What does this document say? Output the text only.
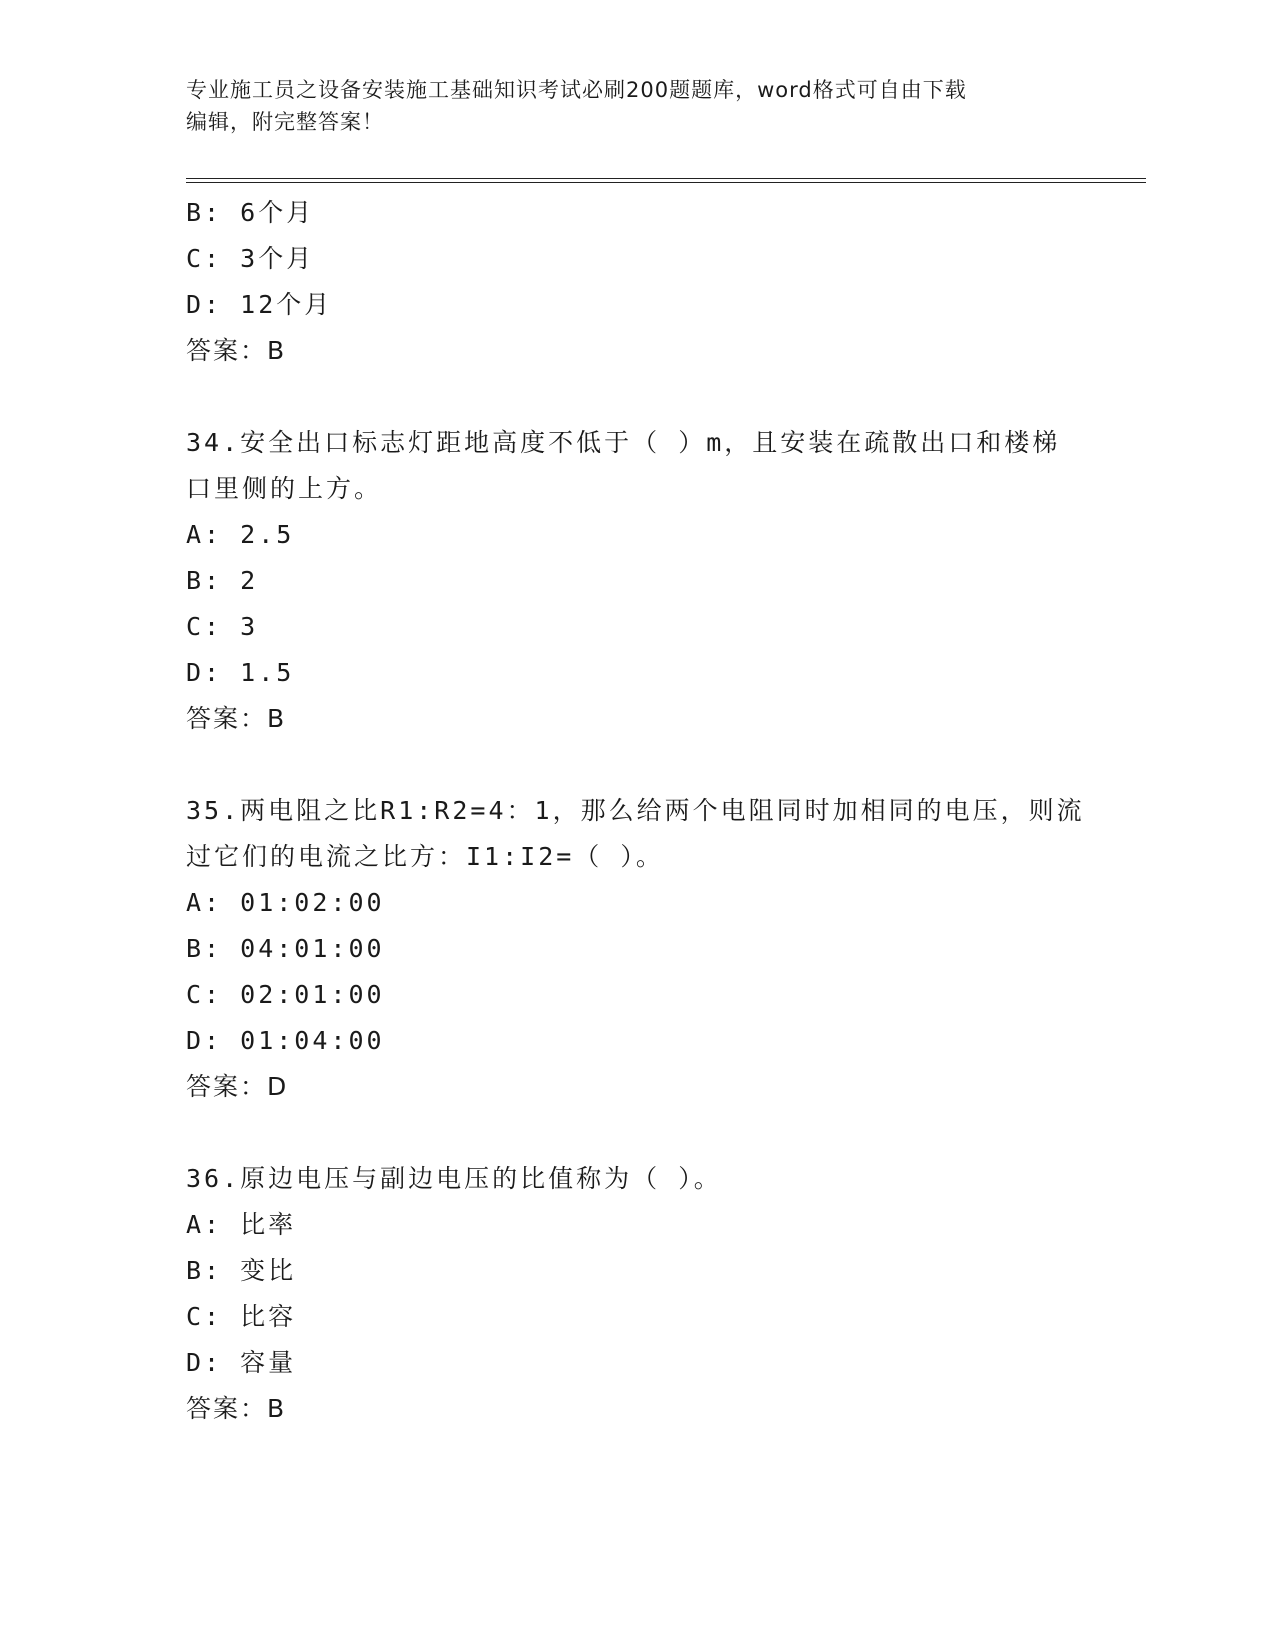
专业施工员之设备安装施工基础知识考试必刷200题题库，word格式可自由下载
编辑，附完整答案！
B: 6个月
C: 3个月
D: 12个月
答案：B
34.安全出口标志灯距地高度不低于（ ）m，且安装在疏散出口和楼梯
口里侧的上方。
A: 2.5
B: 2
C: 3
D: 1.5
答案：B
35.两电阻之比R1:R2=4：1，那么给两个电阻同时加相同的电压，则流
过它们的电流之比方：I1:I2=（ ）。
A: 01:02:00
B: 04:01:00
C: 02:01:00
D: 01:04:00
答案：D
36.原边电压与副边电压的比值称为（ ）。
A: 比率
B: 变比
C: 比容
D: 容量
答案：B
